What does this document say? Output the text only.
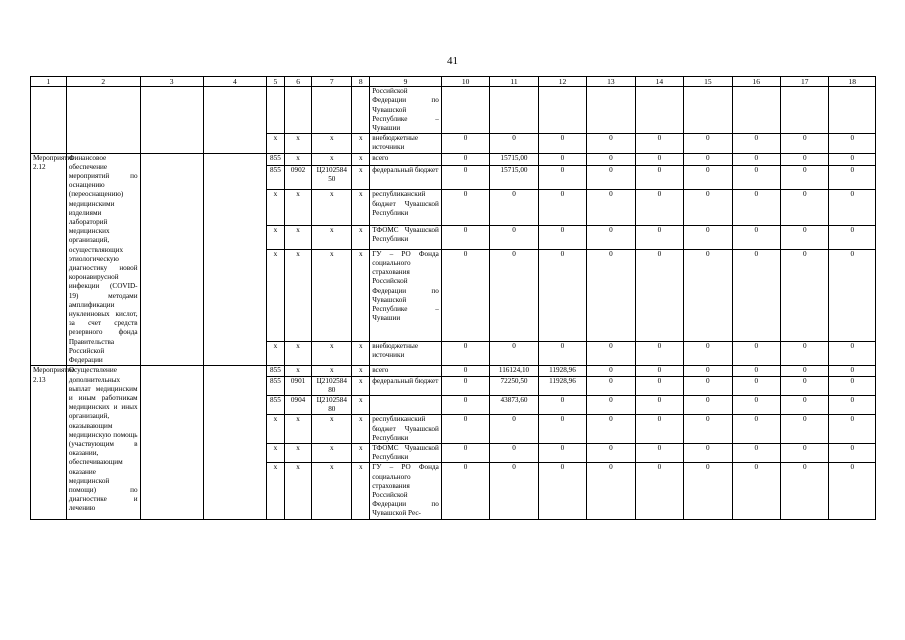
41
1	2	3	4	5	6	7	8	9	10	11	12	13	14	15	16	17	18
								Российской Федерации по Чувашской Республике – Чувашии									
				x	x	x	x	внебюджетные источники	0	0	0	0	0	0	0	0	0
Мероприятие 2.12	Финансовое обеспечение мероприятий по оснащению (переоснащению) медицинскими изделиями лабораторий медицинских организаций, осуществляющих этиологическую диагностику новой коронавирусной инфекции (COVID-19) методами амплификации нуклеиновых кислот, за счет средств резервного фонда Правительства Российской Федерации			855	x	x	x	всего	0	15715,00	0	0	0	0	0	0	0
				855	0902	Ц2102584 50	x	федеральный бюджет	0	15715,00	0	0	0	0	0	0	0
				x	x	x	x	республиканский бюджет Чувашской Республики	0	0	0	0	0	0	0	0	0
				x	x	x	x	ТФОМС Чувашской Республики	0	0	0	0	0	0	0	0	0
				x	x	x	x	ГУ – РО Фонда социального страхования Российской Федерации по Чувашской Республике – Чувашии	0	0	0	0	0	0	0	0	0
				x	x	x	x	внебюджетные источники	0	0	0	0	0	0	0	0	0
Мероприятие 2.13	Осуществление дополнительных выплат медицинским и иным работникам медицинских и иных организаций, оказывающим медицинскую помощь (участвующим в оказании, обеспечивающим оказание медицинской помощи) по диагностике и лечению			855	x	x	x	всего	0	116124,10	11928,96	0	0	0	0	0	0
				855	0901	Ц2102584 80	x	федеральный бюджет	0	72250,50	11928,96	0	0	0	0	0	0
				855	0904	Ц2102584 80	x		0	43873,60	0	0	0	0	0	0	0
				x	x	x	x	республиканский бюджет Чувашской Республики	0	0	0	0	0	0	0	0	0
				x	x	x	x	ТФОМС Чувашской Республики	0	0	0	0	0	0	0	0	0
				x	x	x	x	ГУ – РО Фонда социального страхования Российской Федерации по Чувашской Рес-	0	0	0	0	0	0	0	0	0
